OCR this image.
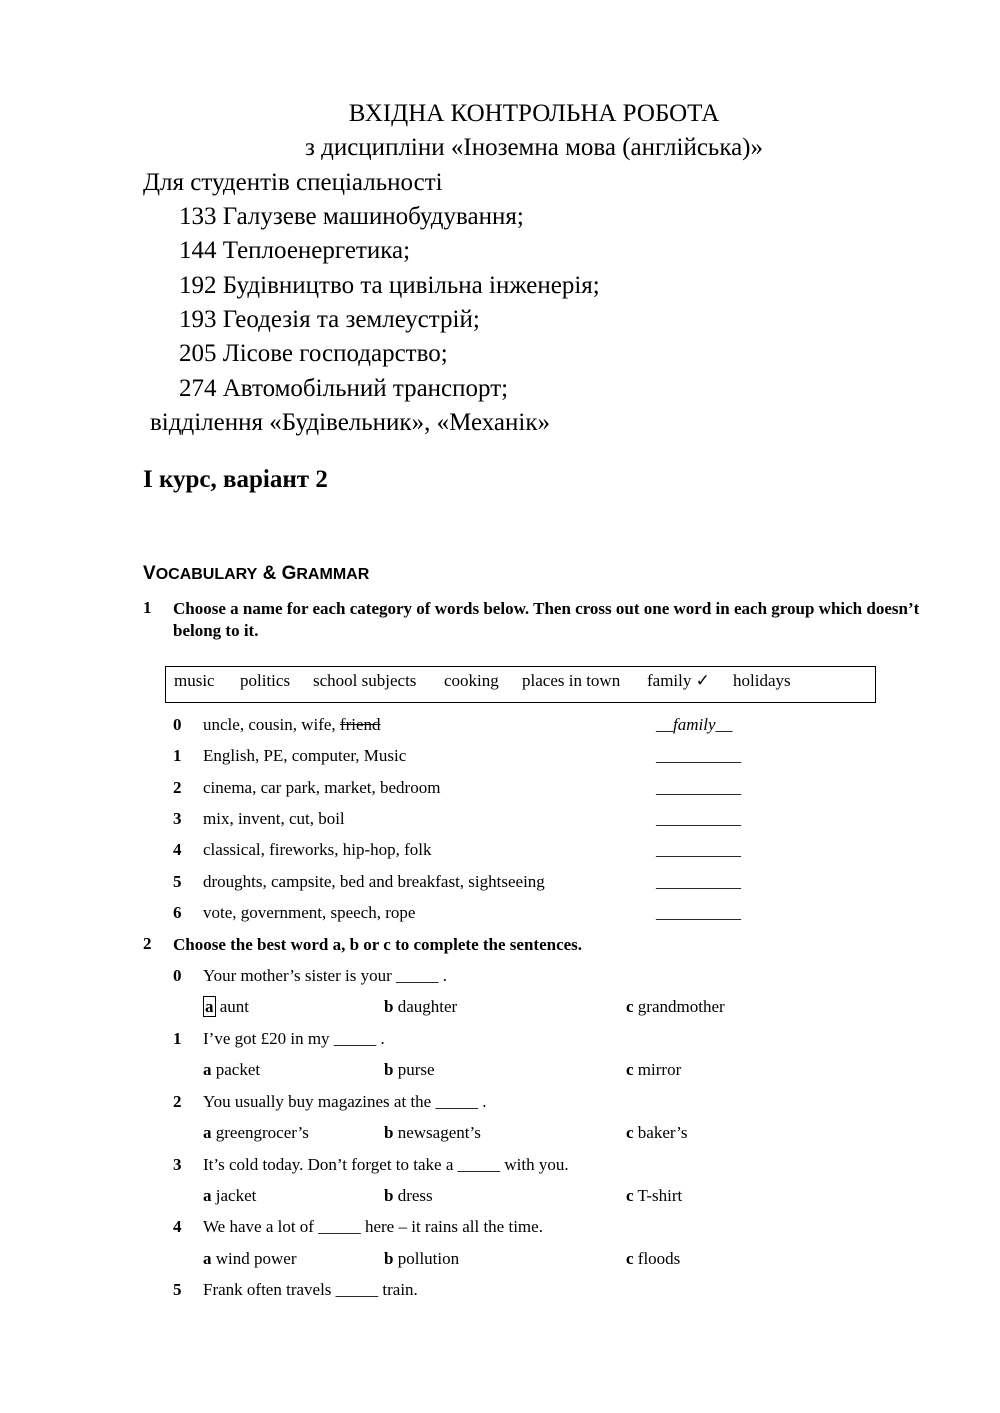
ВХІДНА КОНТРОЛЬНА РОБОТА
з дисципліни «Іноземна мова (англійська)»
Для студентів спеціальності
133 Галузеве машинобудування;
144 Теплоенергетика;
192 Будівництво та цивільна інженерія;
193 Геодезія та землеустрій;
205 Лісове господарство;
274 Автомобільний транспорт;
відділення «Будівельник», «Механік»
І курс, варіант 2
VOCABULARY & GRAMMAR
1 Choose a name for each category of words below. Then cross out one word in each group which doesn’t belong to it.
music politics school subjects cooking places in town family ✓ holidays
0 uncle, cousin, wife, friend	__family__
1 English, PE, computer, Music	__________
2 cinema, car park, market, bedroom	__________
3 mix, invent, cut, boil	__________
4 classical, fireworks, hip-hop, folk	__________
5 droughts, campsite, bed and breakfast, sightseeing	__________
6 vote, government, speech, rope	__________
2 Choose the best word a, b or c to complete the sentences.
0 Your mother’s sister is your _____ .
a aunt	b daughter	c grandmother
1 I’ve got £20 in my _____ .
a packet	b purse	c mirror
2 You usually buy magazines at the _____ .
a greengrocer’s	b newsagent’s	c baker’s
3 It’s cold today. Don’t forget to take a _____ with you.
a jacket	b dress	c T-shirt
4 We have a lot of _____ here – it rains all the time.
a wind power	b pollution	c floods
5 Frank often travels _____ train.
